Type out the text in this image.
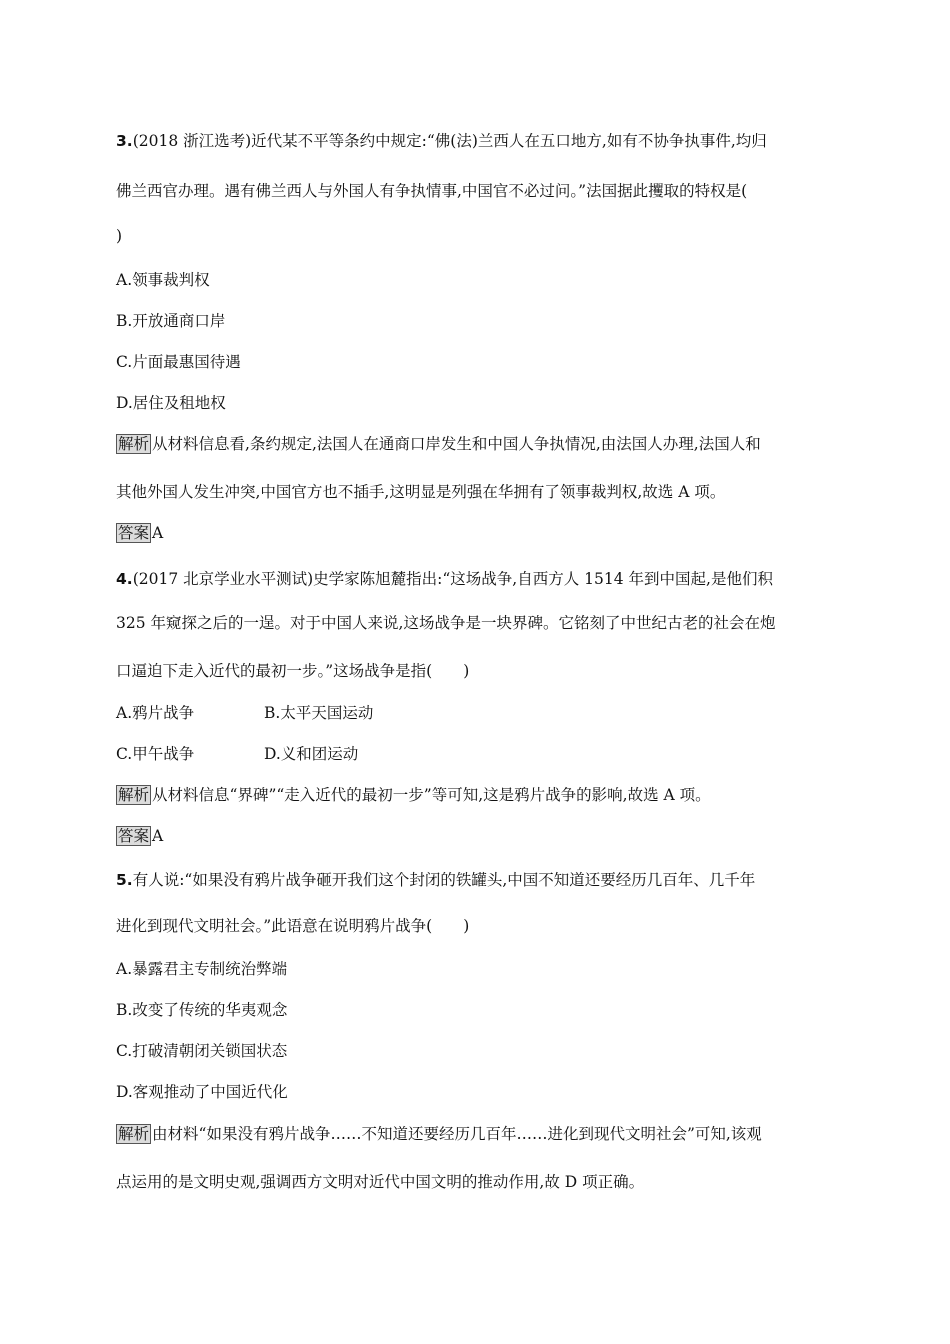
3.(2018 浙江选考)近代某不平等条约中规定:“佛(法)兰西人在五口地方,如有不协争执事件,均归
佛兰西官办理。遇有佛兰西人与外国人有争执情事,中国官不必过问。”法国据此攫取的特权是(
)
A.领事裁判权
B.开放通商口岸
C.片面最惠国待遇
D.居住及租地权
解析 从材料信息看,条约规定,法国人在通商口岸发生和中国人争执情况,由法国人办理,法国人和
其他外国人发生冲突,中国官方也不插手,这明显是列强在华拥有了领事裁判权,故选 A 项。
答案 A
4.(2017 北京学业水平测试)史学家陈旭麓指出:“这场战争,自西方人 1514 年到中国起,是他们积
325 年窥探之后的一逞。对于中国人来说,这场战争是一块界碑。它铭刻了中世纪古老的社会在炮
口逼迫下走入近代的最初一步。”这场战争是指(　　)
A.鸦片战争	B.太平天国运动
C.甲午战争	D.义和团运动
解析 从材料信息“界碑”“走入近代的最初一步”等可知,这是鸦片战争的影响,故选 A 项。
答案 A
5.有人说:“如果没有鸦片战争砸开我们这个封闭的铁罐头,中国不知道还要经历几百年、几千年
进化到现代文明社会。”此语意在说明鸦片战争(　　)
A.暴露君主专制统治弊端
B.改变了传统的华夷观念
C.打破清朝闭关锁国状态
D.客观推动了中国近代化
解析 由材料“如果没有鸦片战争……不知道还要经历几百年……进化到现代文明社会”可知,该观
点运用的是文明史观,强调西方文明对近代中国文明的推动作用,故 D 项正确。
